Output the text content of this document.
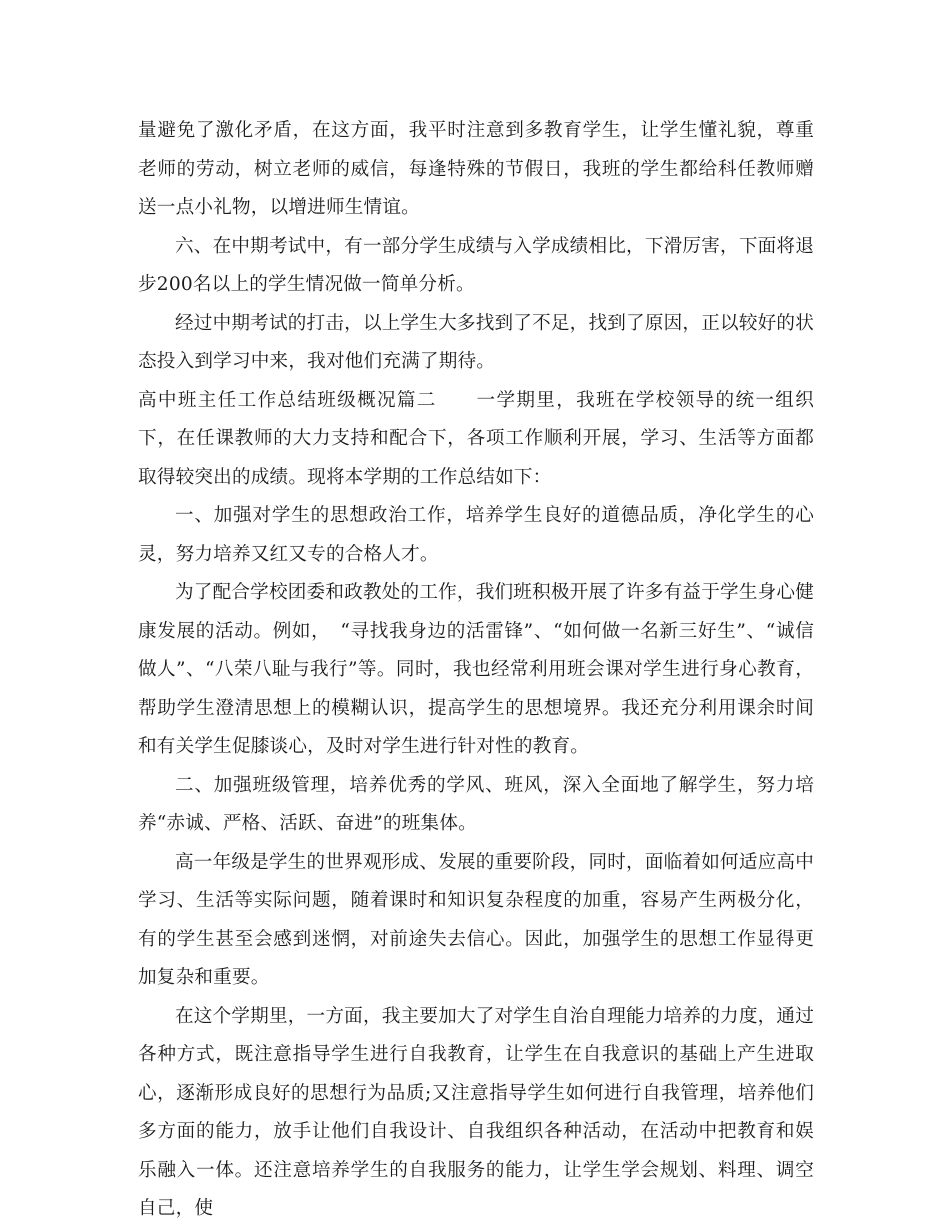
量避免了激化矛盾，在这方面，我平时注意到多教育学生，让学生懂礼貌，尊重老师的劳动，树立老师的威信，每逢特殊的节假日，我班的学生都给科任教师赠送一点小礼物，以增进师生情谊。

六、在中期考试中，有一部分学生成绩与入学成绩相比，下滑厉害，下面将退步200名以上的学生情况做一简单分析。

经过中期考试的打击，以上学生大多找到了不足，找到了原因，正以较好的状态投入到学习中来，我对他们充满了期待。

高中班主任工作总结班级概况篇二　　一学期里，我班在学校领导的统一组织下，在任课教师的大力支持和配合下，各项工作顺利开展，学习、生活等方面都取得较突出的成绩。现将本学期的工作总结如下：

一、加强对学生的思想政治工作，培养学生良好的道德品质，净化学生的心灵，努力培养又红又专的合格人才。

为了配合学校团委和政教处的工作，我们班积极开展了许多有益于学生身心健康发展的活动。例如，　“寻找我身边的活雷锋”、“如何做一名新三好生”、“诚信做人”、“八荣八耻与我行”等。同时，我也经常利用班会课对学生进行身心教育，帮助学生澄清思想上的模糊认识，提高学生的思想境界。我还充分利用课余时间和有关学生促膝谈心，及时对学生进行针对性的教育。

二、加强班级管理，培养优秀的学风、班风，深入全面地了解学生，努力培养“赤诚、严格、活跃、奋进”的班集体。

高一年级是学生的世界观形成、发展的重要阶段，同时，面临着如何适应高中学习、生活等实际问题，随着课时和知识复杂程度的加重，容易产生两极分化，有的学生甚至会感到迷惘，对前途失去信心。因此，加强学生的思想工作显得更加复杂和重要。

在这个学期里，一方面，我主要加大了对学生自治自理能力培养的力度，通过各种方式，既注意指导学生进行自我教育，让学生在自我意识的基础上产生进取心，逐渐形成良好的思想行为品质;又注意指导学生如何进行自我管理，培养他们多方面的能力，放手让他们自我设计、自我组织各种活动，在活动中把教育和娱乐融入一体。还注意培养学生的自我服务的能力，让学生学会规划、料理、调空自己，使
